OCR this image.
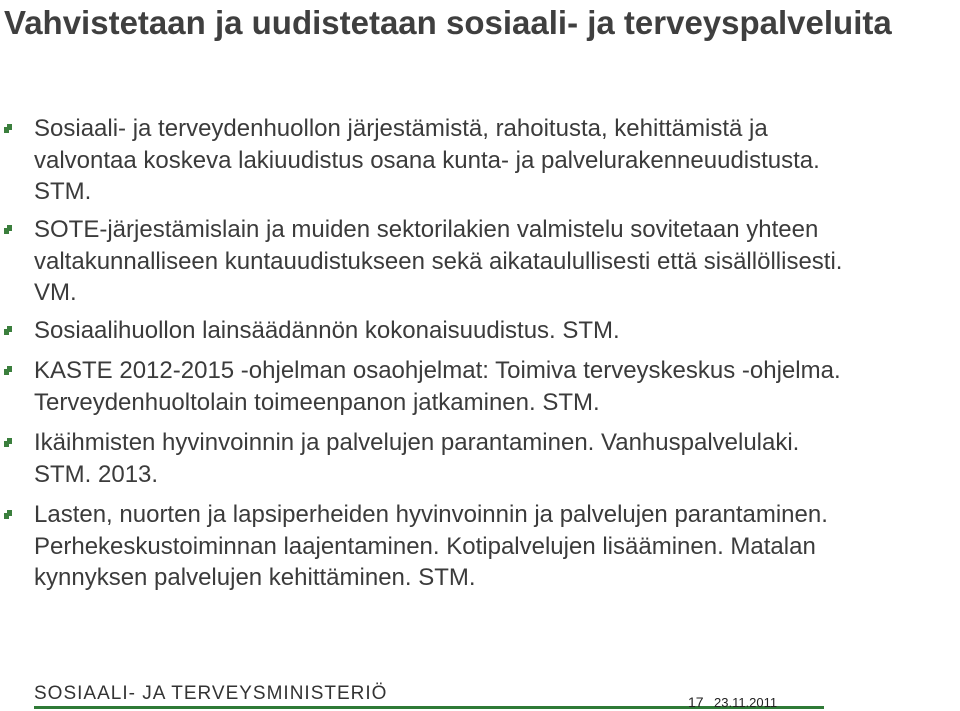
Vahvistetaan ja uudistetaan sosiaali- ja terveyspalveluita
Sosiaali- ja terveydenhuollon järjestämistä, rahoitusta, kehittämistä ja valvontaa koskeva lakiuudistus osana kunta- ja palvelurakenneuudistusta. STM.
SOTE-järjestämislain ja muiden sektorilakien valmistelu sovitetaan yhteen valtakunnalliseen kuntauudistukseen sekä aikataulullisesti että sisällöllisesti. VM.
Sosiaalihuollon lainsäädännön kokonaisuudistus. STM.
KASTE 2012-2015 -ohjelman osaohjelmat: Toimiva terveyskeskus -ohjelma. Terveydenhuoltolain toimeenpanon jatkaminen. STM.
Ikäihmisten hyvinvoinnin ja palvelujen parantaminen. Vanhuspalvelulaki. STM. 2013.
Lasten, nuorten ja lapsiperheiden hyvinvoinnin ja palvelujen parantaminen. Perhekeskustoiminnan laajentaminen. Kotipalvelujen lisääminen. Matalan kynnyksen palvelujen kehittäminen. STM.
SOSIAALI- JA TERVEYSMINISTERIÖ	17 23.11.2011
